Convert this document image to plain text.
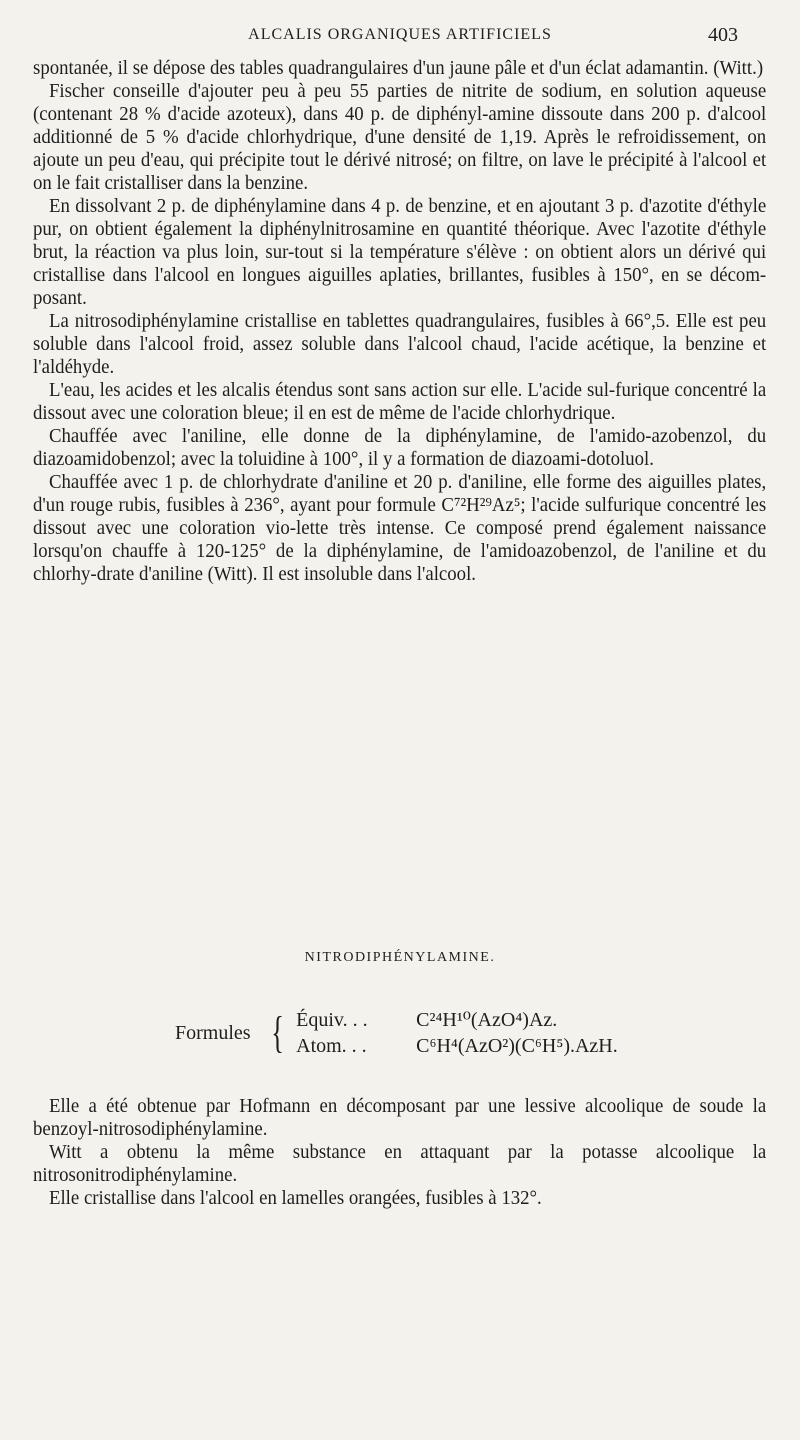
ALCALIS ORGANIQUES ARTIFICIELS	403

spontanée, il se dépose des tables quadrangulaires d'un jaune pâle et d'un éclat adamantin. (Witt.)

Fischer conseille d'ajouter peu à peu 55 parties de nitrite de sodium, en solution aqueuse (contenant 28 % d'acide azoteux), dans 40 p. de diphényl-amine dissoute dans 200 p. d'alcool additionné de 5 % d'acide chlorhydrique, d'une densité de 1,19. Après le refroidissement, on ajoute un peu d'eau, qui précipite tout le dérivé nitrosé; on filtre, on lave le précipité à l'alcool et on le fait cristalliser dans la benzine.

En dissolvant 2 p. de diphénylamine dans 4 p. de benzine, et en ajoutant 3 p. d'azotite d'éthyle pur, on obtient également la diphénylnitrosamine en quantité théorique. Avec l'azotite d'éthyle brut, la réaction va plus loin, sur-tout si la température s'élève : on obtient alors un dérivé qui cristallise dans l'alcool en longues aiguilles aplaties, brillantes, fusibles à 150°, en se décom-posant.

La nitrosodiphénylamine cristallise en tablettes quadrangulaires, fusibles à 66°,5. Elle est peu soluble dans l'alcool froid, assez soluble dans l'alcool chaud, l'acide acétique, la benzine et l'aldéhyde.

L'eau, les acides et les alcalis étendus sont sans action sur elle. L'acide sul-furique concentré la dissout avec une coloration bleue; il en est de même de l'acide chlorhydrique.

Chauffée avec l'aniline, elle donne de la diphénylamine, de l'amido-azobenzol, du diazoamidobenzol; avec la toluidine à 100°, il y a formation de diazoami-dotoluol.

Chauffée avec 1 p. de chlorhydrate d'aniline et 20 p. d'aniline, elle forme des aiguilles plates, d'un rouge rubis, fusibles à 236°, ayant pour formule C⁷²H²⁹Az⁵; l'acide sulfurique concentré les dissout avec une coloration vio-lette très intense. Ce composé prend également naissance lorsqu'on chauffe à 120-125° de la diphénylamine, de l'amidoazobenzol, de l'aniline et du chlorhy-drate d'aniline (Witt). Il est insoluble dans l'alcool.

NITRODIPHÉNYLAMINE.
Formules { Équiv. . .	C²⁴H¹⁰(AzO⁴)Az.
Atom. . .	C⁶H⁴(AzO²)(C⁶H⁵).AzH.

Elle a été obtenue par Hofmann en décomposant par une lessive alcoolique de soude la benzoyl-nitrosodiphénylamine.

Witt a obtenu la même substance en attaquant par la potasse alcoolique la nitrosonitrodiphénylamine.

Elle cristallise dans l'alcool en lamelles orangées, fusibles à 132°.
